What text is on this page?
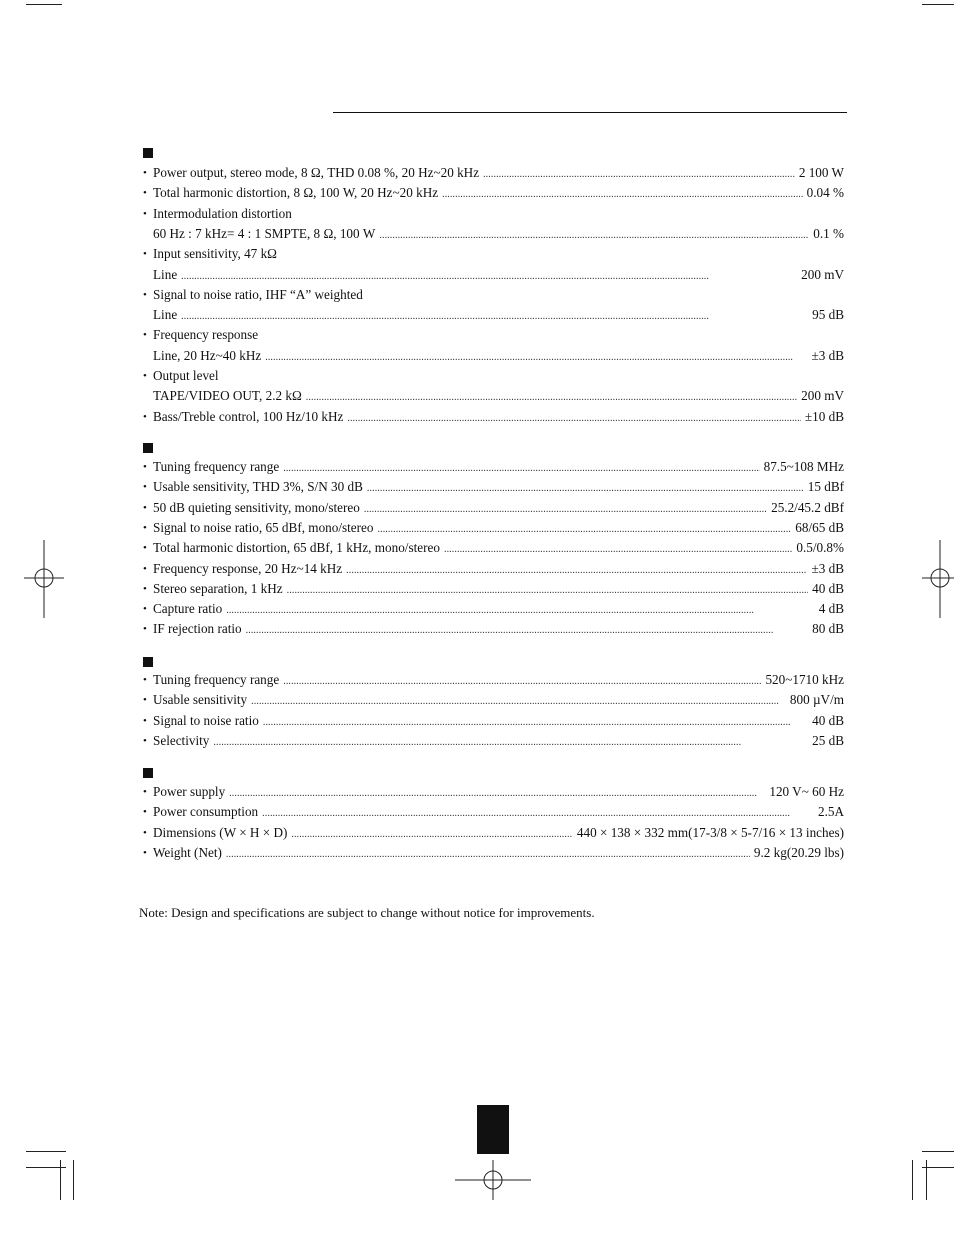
• Power output, stereo mode, 8 Ω, THD 0.08 %, 20 Hz~20 kHz . . .	2 100 W
• Total harmonic distortion, 8 Ω, 100 W, 20 Hz~20 kHz . . .	0.04 %
• Intermodulation distortion
60 Hz : 7 kHz= 4 : 1 SMPTE, 8 Ω, 100 W . . .	0.1 %
• Input sensitivity, 47 kΩ
Line . . .	200 mV
• Signal to noise ratio, IHF “A” weighted
Line . . .	95 dB
• Frequency response
Line, 20 Hz~40 kHz . . .	±3 dB
• Output level
TAPE/VIDEO OUT, 2.2 kΩ . . .	200 mV
• Bass/Treble control, 100 Hz/10 kHz . . .	±10 dB
• Tuning frequency range . . .	87.5~108 MHz
• Usable sensitivity, THD 3%, S/N 30 dB . . .	15 dBf
• 50 dB quieting sensitivity, mono/stereo . . .	25.2/45.2 dBf
• Signal to noise ratio, 65 dBf, mono/stereo . . .	68/65 dB
• Total harmonic distortion, 65 dBf, 1 kHz, mono/stereo . . .	0.5/0.8%
• Frequency response, 20 Hz~14 kHz . . .	±3 dB
• Stereo separation, 1 kHz . . .	40 dB
• Capture ratio . . .	4 dB
• IF rejection ratio . . .	80 dB
• Tuning frequency range . . .	520~1710 kHz
• Usable sensitivity . . .	800 µV/m
• Signal to noise ratio . . .	40 dB
• Selectivity . . .	25 dB
• Power supply . . .	120 V~ 60 Hz
• Power consumption . . .	2.5A
• Dimensions (W × H × D) . . .	440 × 138 × 332 mm(17-3/8 × 5-7/16 × 13 inches)
• Weight (Net) . . .	9.2 kg(20.29 lbs)
Note: Design and specifications are subject to change without notice for improvements.
